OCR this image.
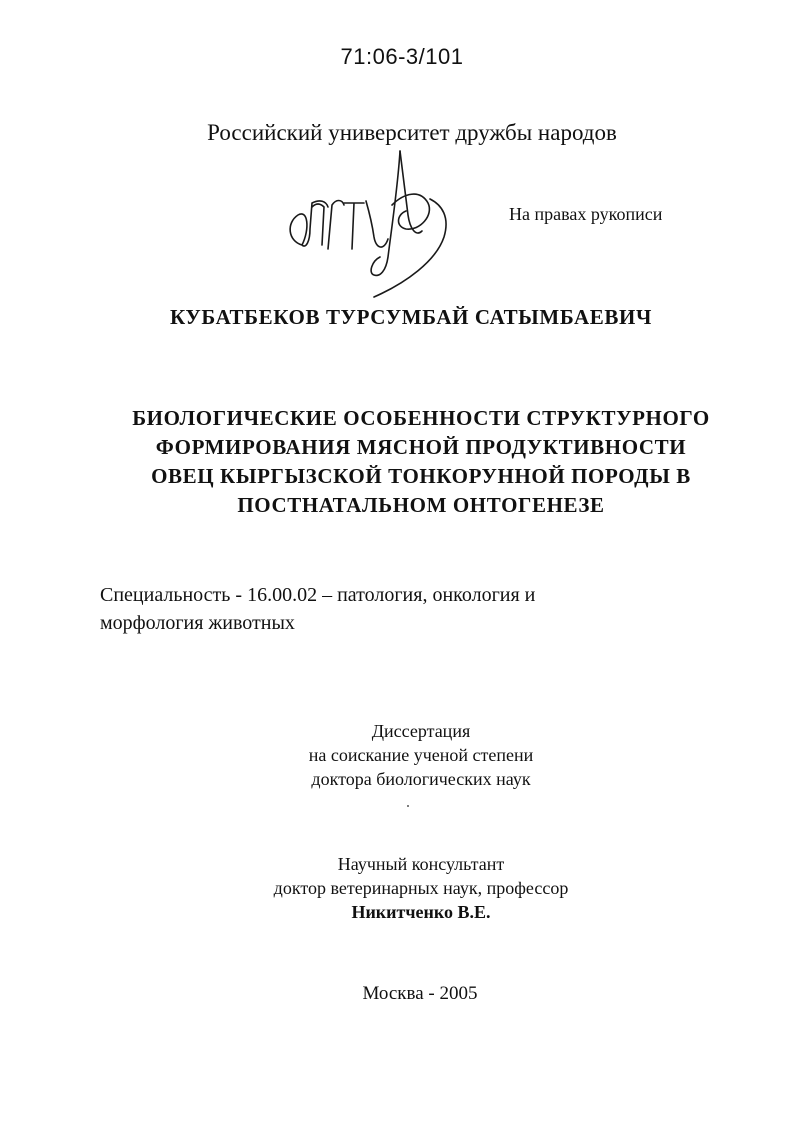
71:06-3/101
Российский университет дружбы народов
На правах рукописи
КУБАТБЕКОВ ТУРСУМБАЙ САТЫМБАЕВИЧ
БИОЛОГИЧЕСКИЕ ОСОБЕННОСТИ СТРУКТУРНОГО
ФОРМИРОВАНИЯ МЯСНОЙ ПРОДУКТИВНОСТИ
ОВЕЦ КЫРГЫЗСКОЙ ТОНКОРУННОЙ ПОРОДЫ В
ПОСТНАТАЛЬНОМ ОНТОГЕНЕЗЕ
Специальность - 16.00.02 – патология, онкология и
морфология животных
Диссертация
на соискание ученой степени
доктора биологических наук
Научный консультант
доктор ветеринарных наук, профессор
Никитченко В.Е.
Москва - 2005
